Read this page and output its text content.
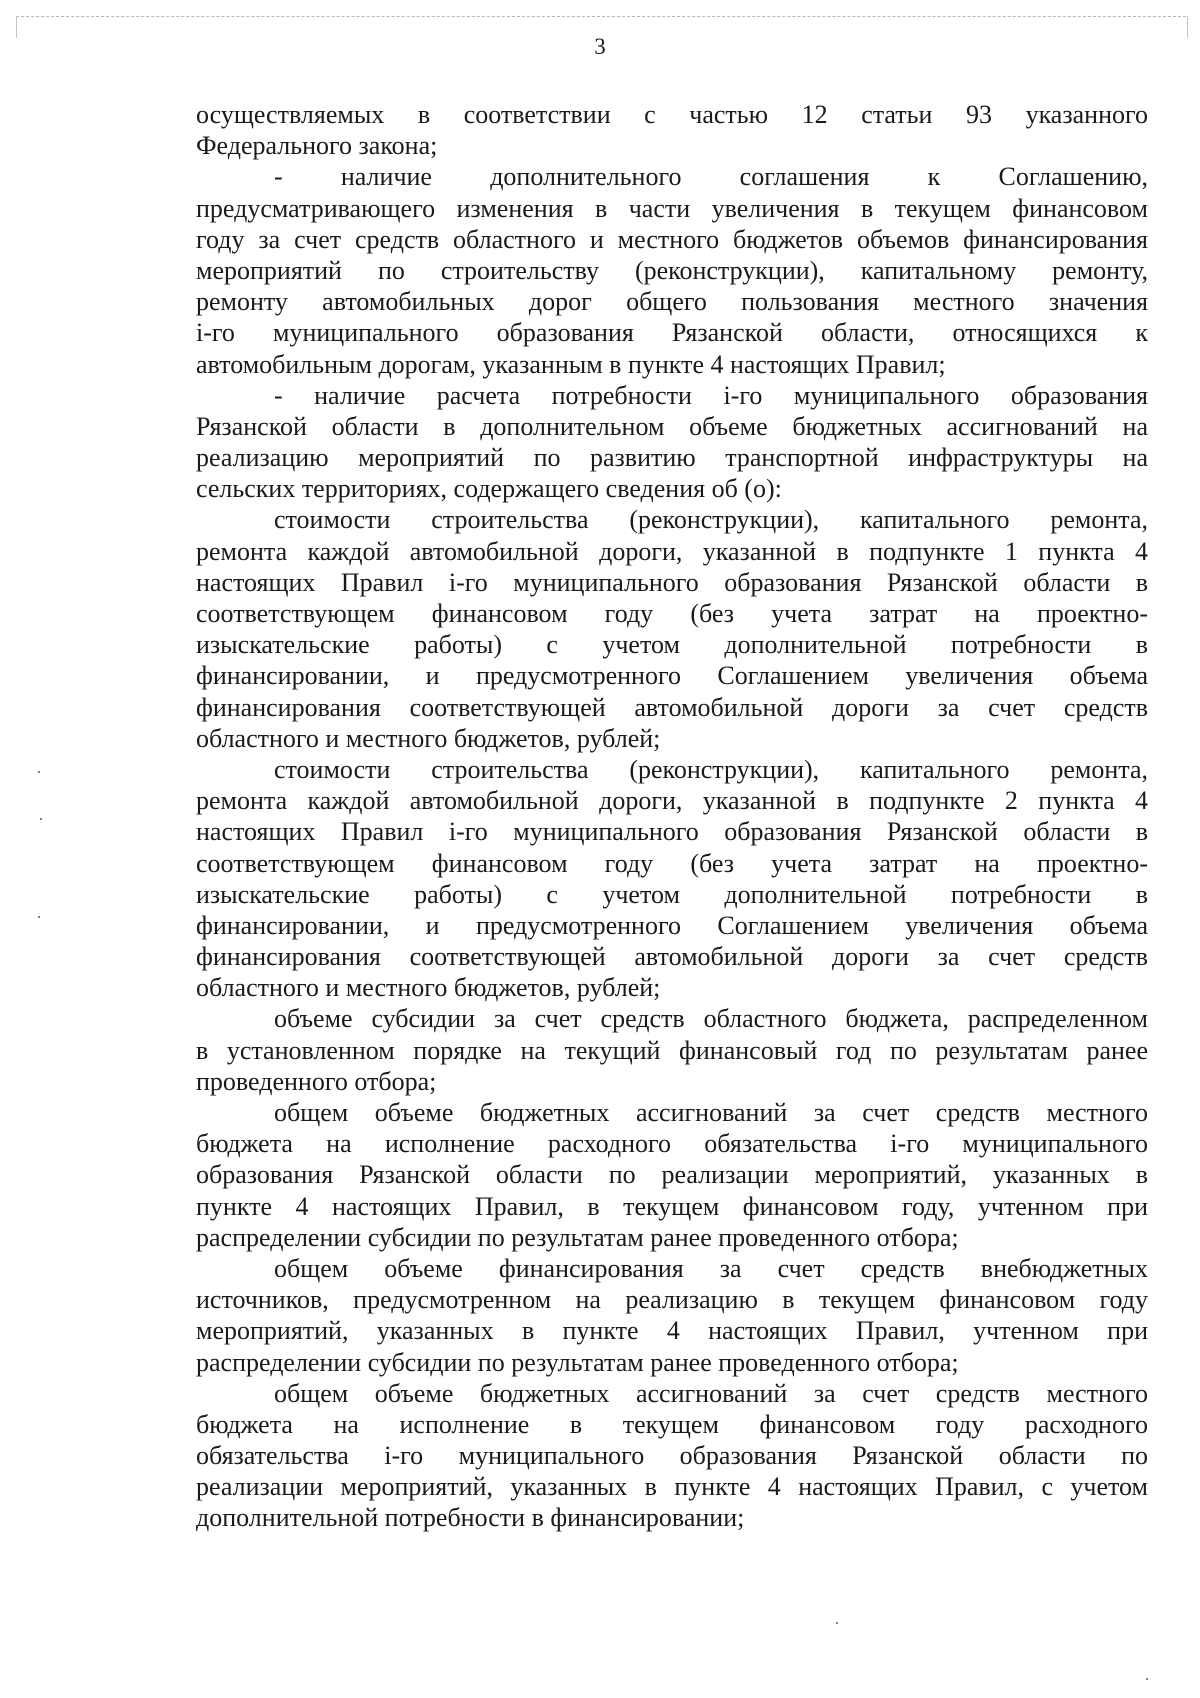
3
осуществляемых в соответствии с частью 12 статьи 93 указанного
Федерального закона;
- наличие дополнительного соглашения к Соглашению,
предусматривающего изменения в части увеличения в текущем финансовом
году за счет средств областного и местного бюджетов объемов финансирования
мероприятий по строительству (реконструкции), капитальному ремонту,
ремонту автомобильных дорог общего пользования местного значения
i-го муниципального образования Рязанской области, относящихся к
автомобильным дорогам, указанным в пункте 4 настоящих Правил;
- наличие расчета потребности i-го муниципального образования
Рязанской области в дополнительном объеме бюджетных ассигнований на
реализацию мероприятий по развитию транспортной инфраструктуры на
сельских территориях, содержащего сведения об (о):
стоимости строительства (реконструкции), капитального ремонта,
ремонта каждой автомобильной дороги, указанной в подпункте 1 пункта 4
настоящих Правил i-го муниципального образования Рязанской области в
соответствующем финансовом году (без учета затрат на проектно-
изыскательские работы) с учетом дополнительной потребности в
финансировании, и предусмотренного Соглашением увеличения объема
финансирования соответствующей автомобильной дороги за счет средств
областного и местного бюджетов, рублей;
стоимости строительства (реконструкции), капитального ремонта,
ремонта каждой автомобильной дороги, указанной в подпункте 2 пункта 4
настоящих Правил i-го муниципального образования Рязанской области в
соответствующем финансовом году (без учета затрат на проектно-
изыскательские работы) с учетом дополнительной потребности в
финансировании, и предусмотренного Соглашением увеличения объема
финансирования соответствующей автомобильной дороги за счет средств
областного и местного бюджетов, рублей;
объеме субсидии за счет средств областного бюджета, распределенном
в установленном порядке на текущий финансовый год по результатам ранее
проведенного отбора;
общем объеме бюджетных ассигнований за счет средств местного
бюджета на исполнение расходного обязательства i-го муниципального
образования Рязанской области по реализации мероприятий, указанных в
пункте 4 настоящих Правил, в текущем финансовом году, учтенном при
распределении субсидии по результатам ранее проведенного отбора;
общем объеме финансирования за счет средств внебюджетных
источников, предусмотренном на реализацию в текущем финансовом году
мероприятий, указанных в пункте 4 настоящих Правил, учтенном при
распределении субсидии по результатам ранее проведенного отбора;
общем объеме бюджетных ассигнований за счет средств местного
бюджета на исполнение в текущем финансовом году расходного
обязательства i-го муниципального образования Рязанской области по
реализации мероприятий, указанных в пункте 4 настоящих Правил, с учетом
дополнительной потребности в финансировании;
